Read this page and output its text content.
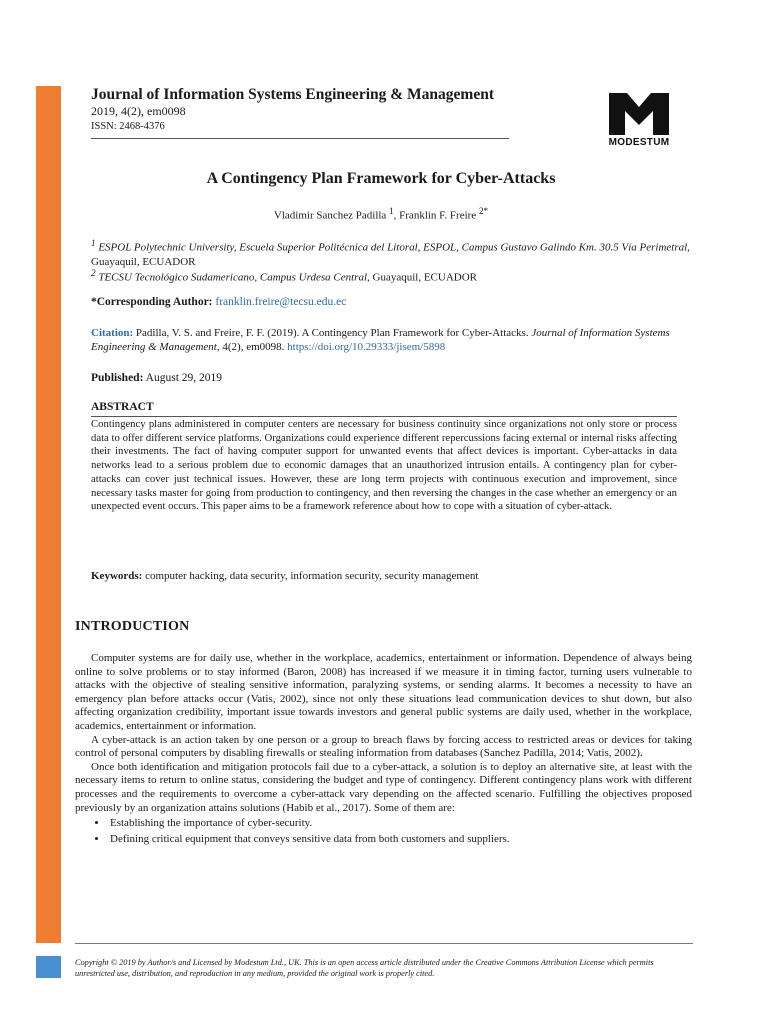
Journal of Information Systems Engineering & Management
2019, 4(2), em0098
ISSN: 2468-4376
MODESTUM
A Contingency Plan Framework for Cyber-Attacks
Vladimir Sanchez Padilla $^1$, Franklin F. Freire $^{2*}$
$^1$ ESPOL Polytechnic University, Escuela Superior Politécnica del Litoral, ESPOL, Campus Gustavo Galindo Km. 30.5 Vía Perimetral, Guayaquil, ECUADOR
$^2$ TECSU Tecnológico Sudamericano, Campus Urdesa Central, Guayaquil, ECUADOR
*Corresponding Author: franklin.freire@tecsu.edu.ec
Citation: Padilla, V. S. and Freire, F. F. (2019). A Contingency Plan Framework for Cyber-Attacks. Journal of Information Systems Engineering & Management, 4(2), em0098. https://doi.org/10.29333/jisem/5898
Published: August 29, 2019
ABSTRACT
Contingency plans administered in computer centers are necessary for business continuity since organizations not only store or process data to offer different service platforms. Organizations could experience different repercussions facing external or internal risks affecting their investments. The fact of having computer support for unwanted events that affect devices is important. Cyber-attacks in data networks lead to a serious problem due to economic damages that an unauthorized intrusion entails. A contingency plan for cyber-attacks can cover just technical issues. However, these are long term projects with continuous execution and improvement, since necessary tasks master for going from production to contingency, and then reversing the changes in the case whether an emergency or an unexpected event occurs. This paper aims to be a framework reference about how to cope with a situation of cyber-attack.
Keywords: computer hacking, data security, information security, security management
INTRODUCTION

Computer systems are for daily use, whether in the workplace, academics, entertainment or information. Dependence of always being online to solve problems or to stay informed (Baron, 2008) has increased if we measure it in timing factor, turning users vulnerable to attacks with the objective of stealing sensitive information, paralyzing systems, or sending alarms. It becomes a necessity to have an emergency plan before attacks occur (Vatis, 2002), since not only these situations lead communication devices to shut down, but also affecting organization credibility, important issue towards investors and general public systems are daily used, whether in the workplace, academics, entertainment or information.

A cyber-attack is an action taken by one person or a group to breach flaws by forcing access to restricted areas or devices for taking control of personal computers by disabling firewalls or stealing information from databases (Sanchez Padilla, 2014; Vatis, 2002).

Once both identification and mitigation protocols fail due to a cyber-attack, a solution is to deploy an alternative site, at least with the necessary items to return to online status, considering the budget and type of contingency. Different contingency plans work with different processes and the requirements to overcome a cyber-attack vary depending on the affected scenario. Fulfilling the objectives proposed previously by an organization attains solutions (Habib et al., 2017). Some of them are:

• Establishing the importance of cyber-security.
• Defining critical equipment that conveys sensitive data from both customers and suppliers.
Copyright © 2019 by Author/s and Licensed by Modestum Ltd., UK. This is an open access article distributed under the Creative Commons Attribution License which permits unrestricted use, distribution, and reproduction in any medium, provided the original work is properly cited.
